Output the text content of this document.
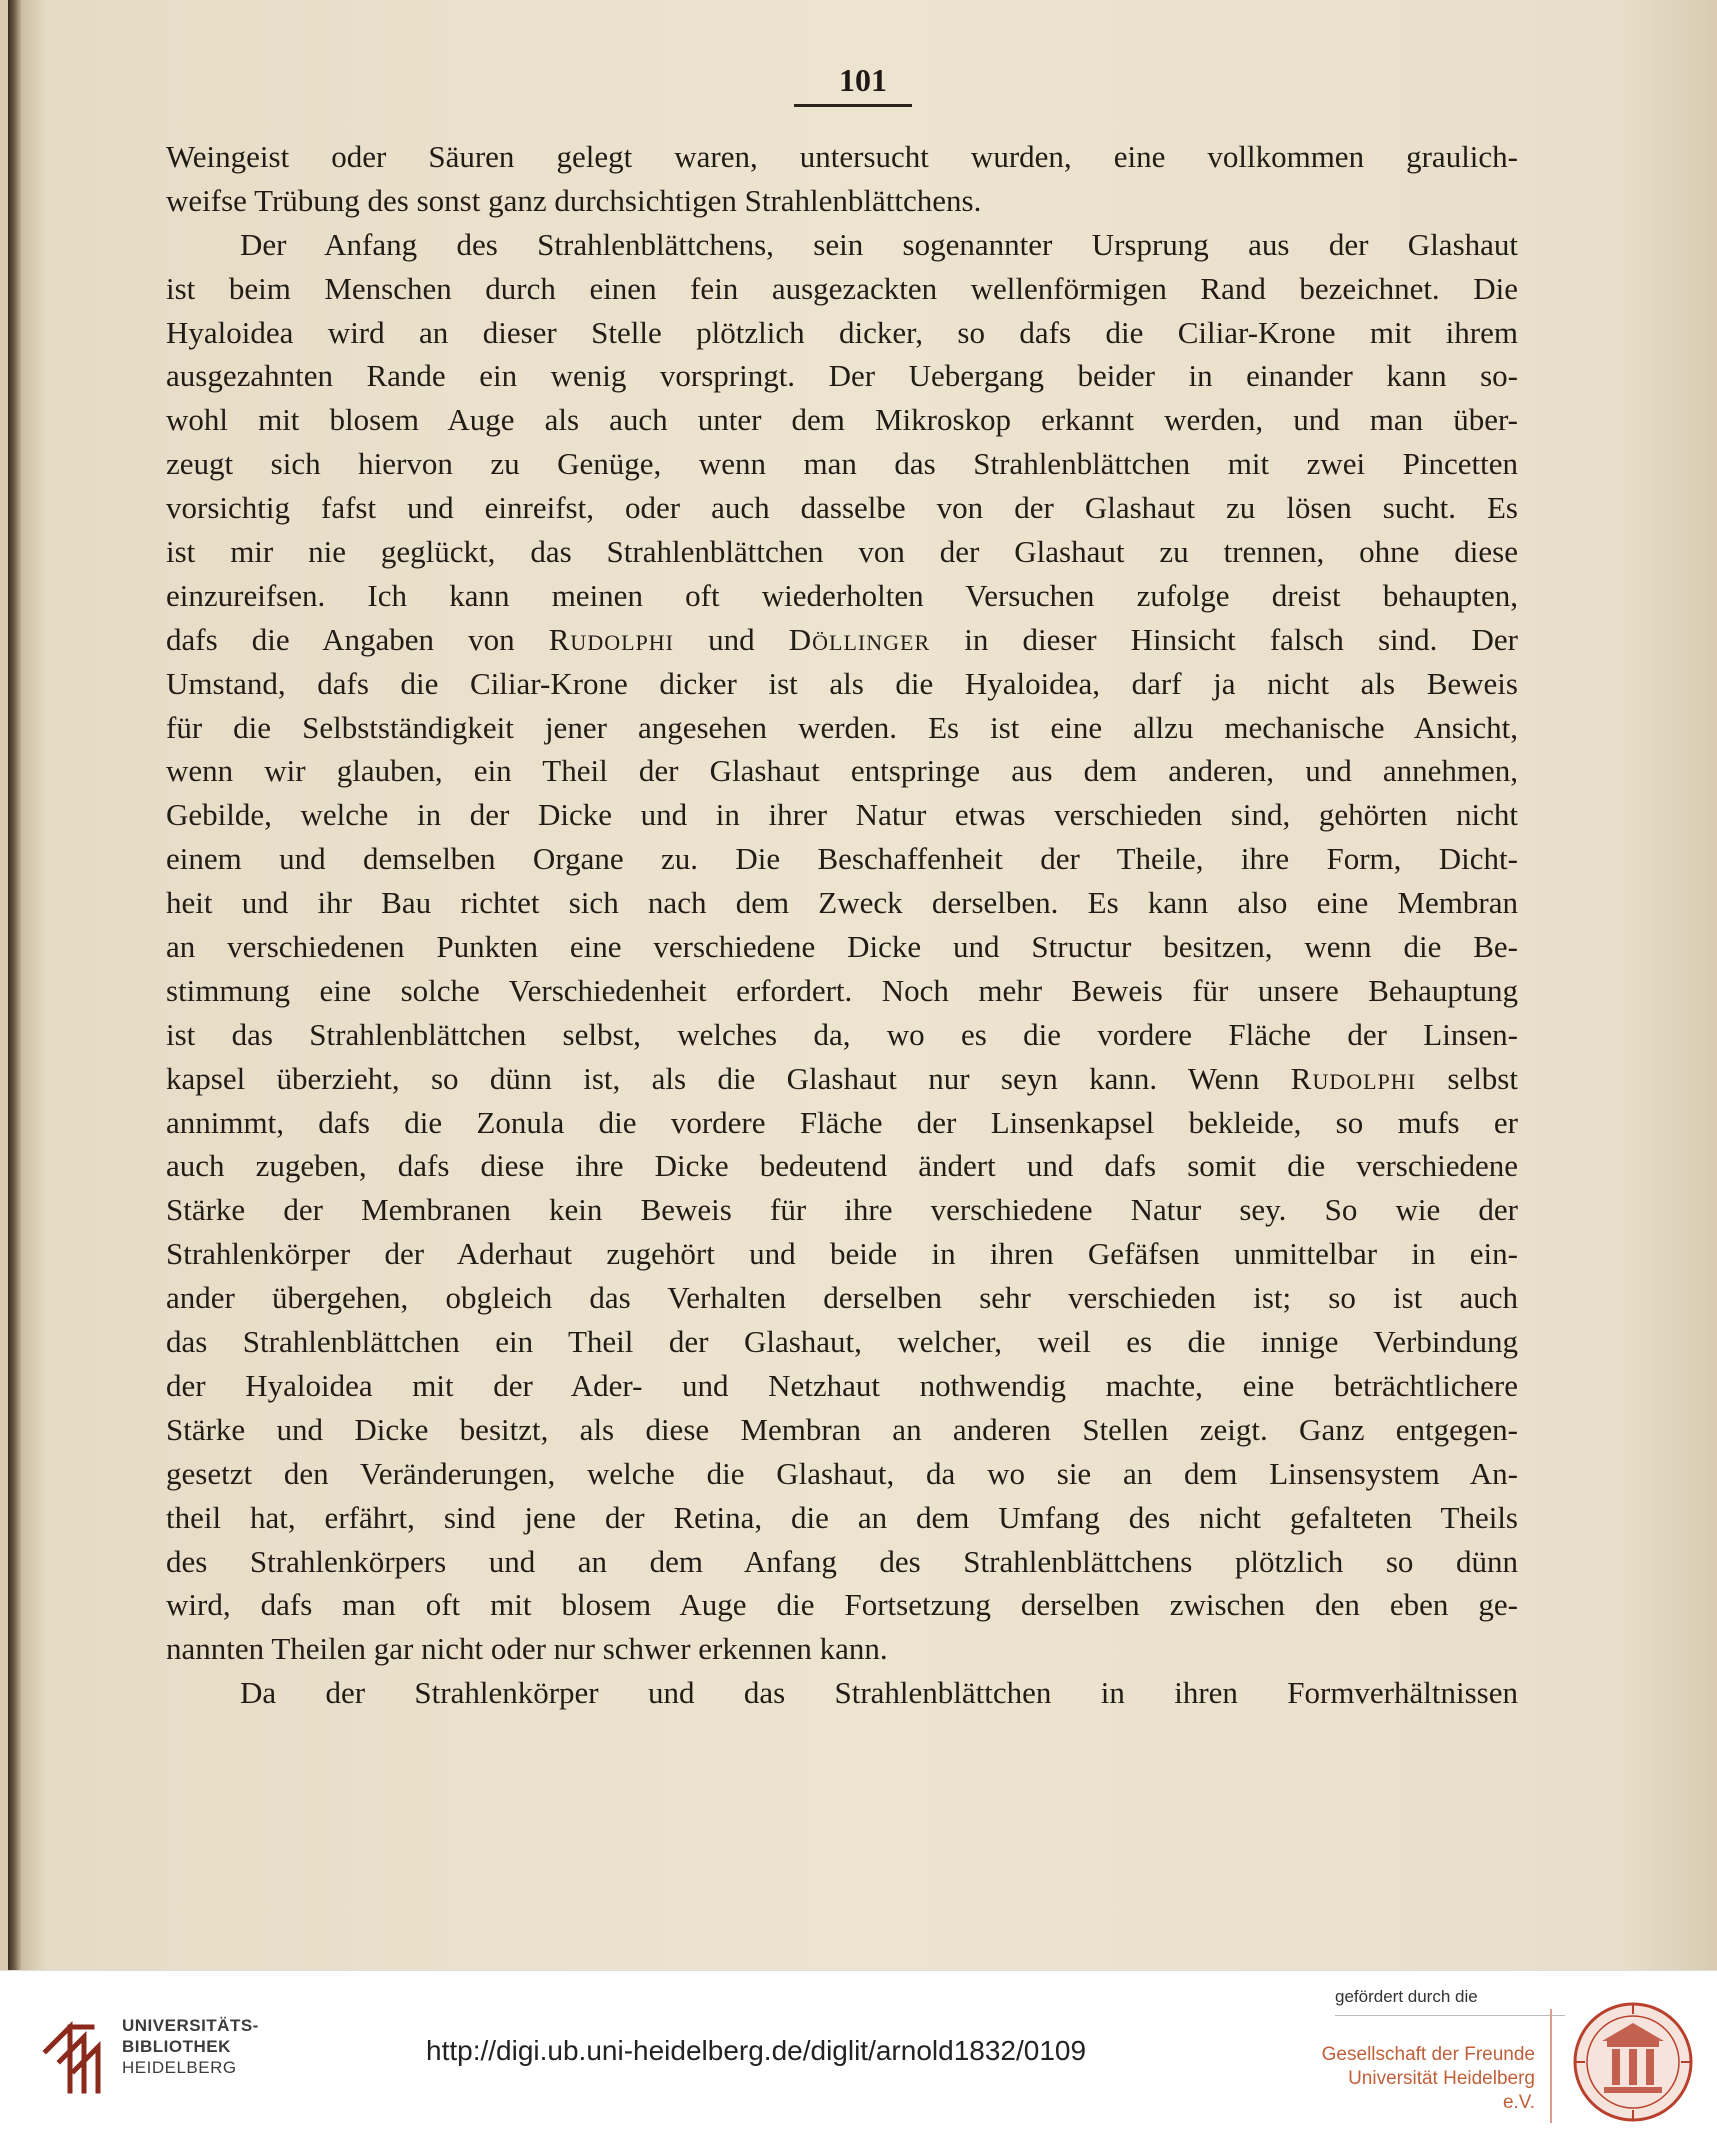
101
Weingeist oder Säuren gelegt waren, untersucht wurden, eine vollkommen graulich-
weifse Trübung des sonst ganz durchsichtigen Strahlenblättchens.
Der Anfang des Strahlenblättchens, sein sogenannter Ursprung aus der Glashaut
ist beim Menschen durch einen fein ausgezackten wellenförmigen Rand bezeichnet. Die
Hyaloidea wird an dieser Stelle plötzlich dicker, so dafs die Ciliar-Krone mit ihrem
ausgezahnten Rande ein wenig vorspringt. Der Uebergang beider in einander kann so-
wohl mit blosem Auge als auch unter dem Mikroskop erkannt werden, und man über-
zeugt sich hiervon zu Genüge, wenn man das Strahlenblättchen mit zwei Pincetten
vorsichtig fafst und einreifst, oder auch dasselbe von der Glashaut zu lösen sucht. Es
ist mir nie geglückt, das Strahlenblättchen von der Glashaut zu trennen, ohne diese
einzureifsen. Ich kann meinen oft wiederholten Versuchen zufolge dreist behaupten,
dafs die Angaben von Rudolphi und Döllinger in dieser Hinsicht falsch sind. Der
Umstand, dafs die Ciliar-Krone dicker ist als die Hyaloidea, darf ja nicht als Beweis
für die Selbstständigkeit jener angesehen werden. Es ist eine allzu mechanische Ansicht,
wenn wir glauben, ein Theil der Glashaut entspringe aus dem anderen, und annehmen,
Gebilde, welche in der Dicke und in ihrer Natur etwas verschieden sind, gehörten nicht
einem und demselben Organe zu. Die Beschaffenheit der Theile, ihre Form, Dicht-
heit und ihr Bau richtet sich nach dem Zweck derselben. Es kann also eine Membran
an verschiedenen Punkten eine verschiedene Dicke und Structur besitzen, wenn die Be-
stimmung eine solche Verschiedenheit erfordert. Noch mehr Beweis für unsere Behauptung
ist das Strahlenblättchen selbst, welches da, wo es die vordere Fläche der Linsen-
kapsel überzieht, so dünn ist, als die Glashaut nur seyn kann. Wenn Rudolphi selbst
annimmt, dafs die Zonula die vordere Fläche der Linsenkapsel bekleide, so mufs er
auch zugeben, dafs diese ihre Dicke bedeutend ändert und dafs somit die verschiedene
Stärke der Membranen kein Beweis für ihre verschiedene Natur sey. So wie der
Strahlenkörper der Aderhaut zugehört und beide in ihren Gefäfsen unmittelbar in ein-
ander übergehen, obgleich das Verhalten derselben sehr verschieden ist; so ist auch
das Strahlenblättchen ein Theil der Glashaut, welcher, weil es die innige Verbindung
der Hyaloidea mit der Ader- und Netzhaut nothwendig machte, eine beträchtlichere
Stärke und Dicke besitzt, als diese Membran an anderen Stellen zeigt. Ganz entgegen-
gesetzt den Veränderungen, welche die Glashaut, da wo sie an dem Linsensystem An-
theil hat, erfährt, sind jene der Retina, die an dem Umfang des nicht gefalteten Theils
des Strahlenkörpers und an dem Anfang des Strahlenblättchens plötzlich so dünn
wird, dafs man oft mit blosem Auge die Fortsetzung derselben zwischen den eben ge-
nannten Theilen gar nicht oder nur schwer erkennen kann.
Da der Strahlenkörper und das Strahlenblättchen in ihren Formverhältnissen
UNIVERSITÄTS-
BIBLIOTHEK
HEIDELBERG
http://digi.ub.uni-heidelberg.de/diglit/arnold1832/0109
gefördert durch die
Gesellschaft der Freunde
Universität Heidelberg e.V.
